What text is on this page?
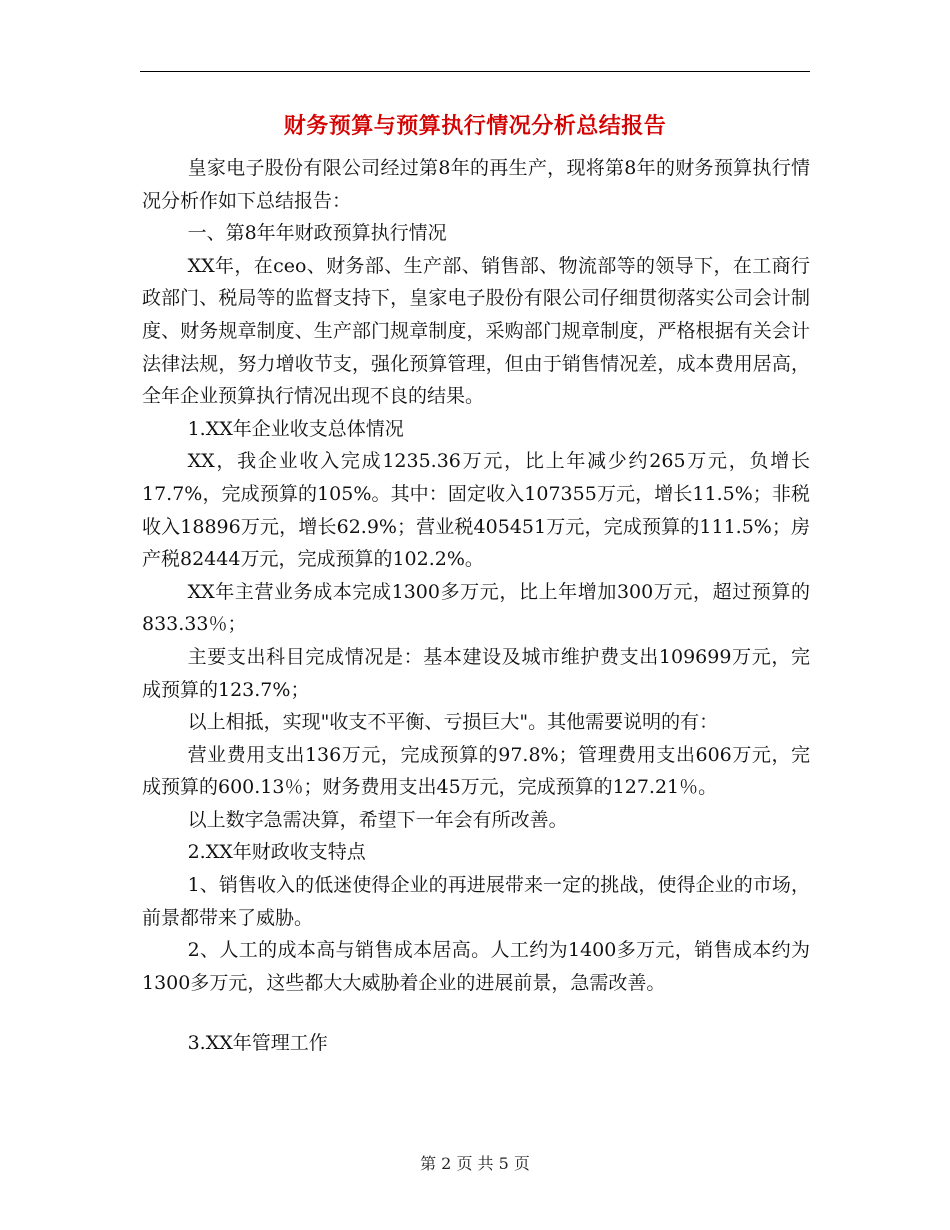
财务预算与预算执行情况分析总结报告

皇家电子股份有限公司经过第8年的再生产，现将第8年的财务预算执行情况分析作如下总结报告：

一、第8年年财政预算执行情况

XX年，在ceo、财务部、生产部、销售部、物流部等的领导下，在工商行政部门、税局等的监督支持下，皇家电子股份有限公司仔细贯彻落实公司会计制度、财务规章制度、生产部门规章制度，采购部门规章制度，严格根据有关会计法律法规，努力增收节支，强化预算管理，但由于销售情况差，成本费用居高，全年企业预算执行情况出现不良的结果。

1.XX年企业收支总体情况

XX，我企业收入完成1235.36万元，比上年减少约265万元，负增长17.7%，完成预算的105%。其中：固定收入107355万元，增长11.5%；非税收入18896万元，增长62.9%；营业税405451万元，完成预算的111.5%；房产税82444万元，完成预算的102.2%。

XX年主营业务成本完成1300多万元，比上年增加300万元，超过预算的833.33％；

主要支出科目完成情况是：基本建设及城市维护费支出109699万元，完成预算的123.7%；

以上相抵，实现"收支不平衡、亏损巨大"。其他需要说明的有：

营业费用支出136万元，完成预算的97.8%；管理费用支出606万元，完成预算的600.13％；财务费用支出45万元，完成预算的127.21％。

以上数字急需决算，希望下一年会有所改善。

2.XX年财政收支特点

1、销售收入的低迷使得企业的再进展带来一定的挑战，使得企业的市场，前景都带来了威胁。

2、人工的成本高与销售成本居高。人工约为1400多万元，销售成本约为1300多万元，这些都大大威胁着企业的进展前景，急需改善。

3.XX年管理工作

第 2 页 共 5 页
